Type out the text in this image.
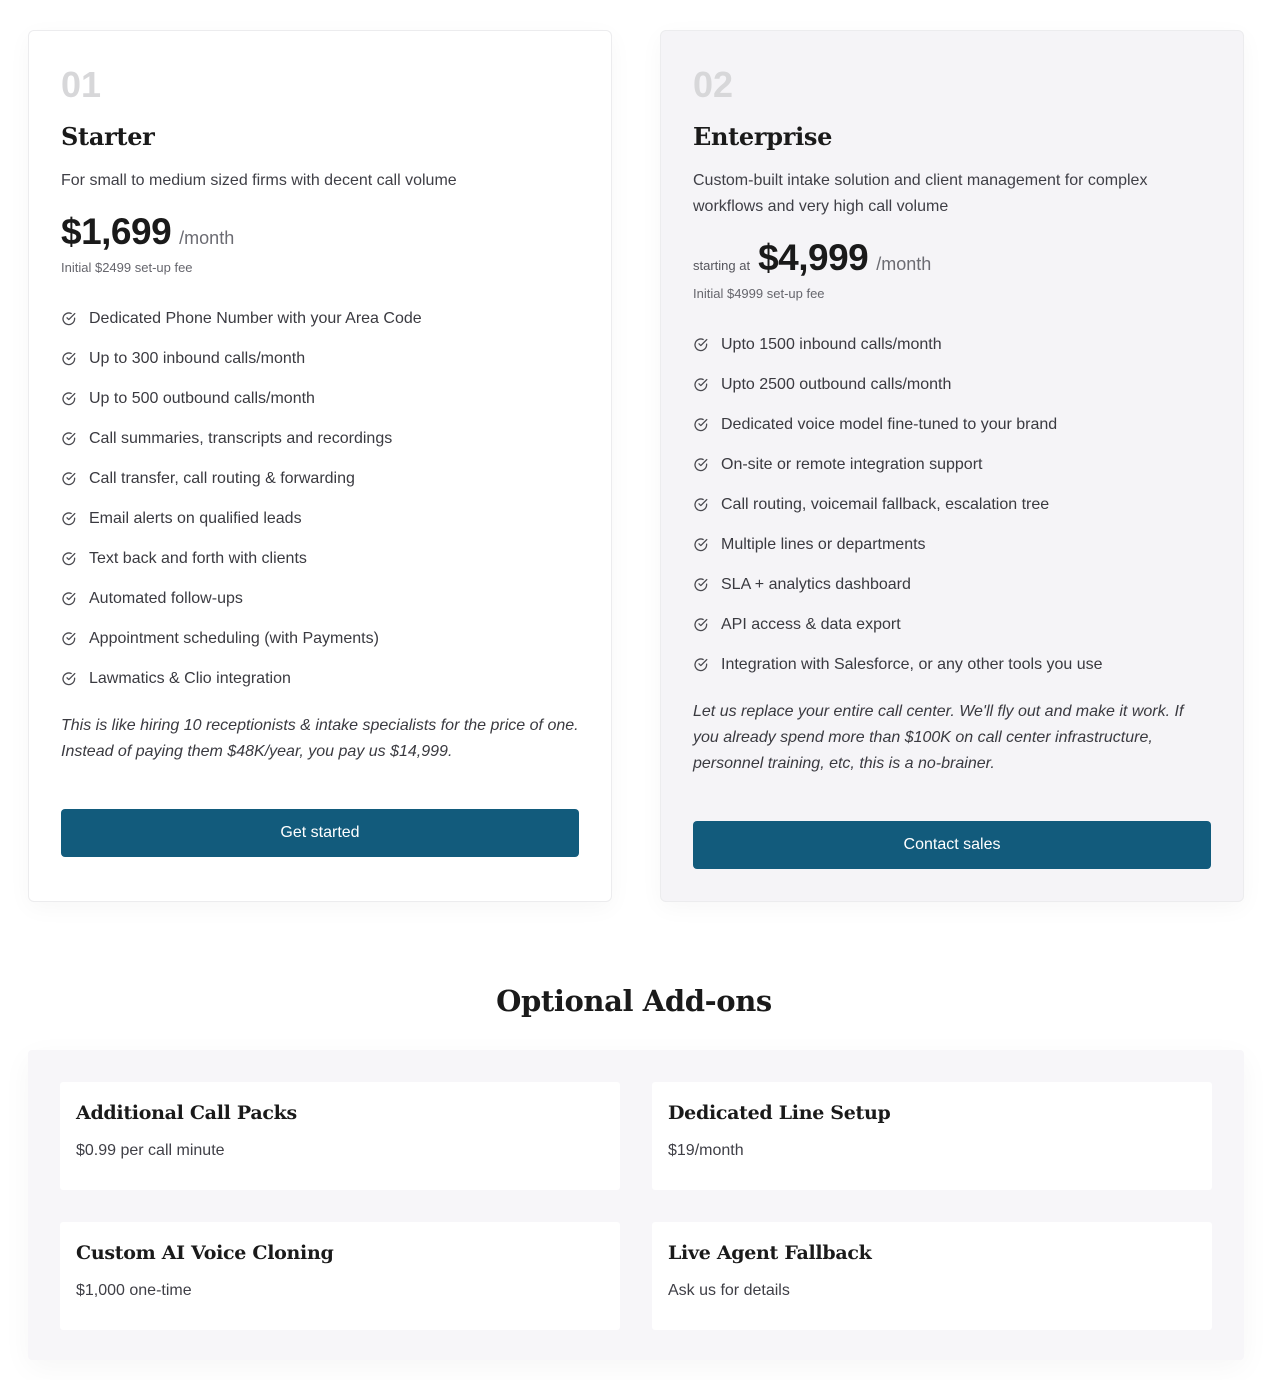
01
Starter
For small to medium sized firms with decent call volume
$1,699 /month
Initial $2499 set-up fee
Dedicated Phone Number with your Area Code
Up to 300 inbound calls/month
Up to 500 outbound calls/month
Call summaries, transcripts and recordings
Call transfer, call routing & forwarding
Email alerts on qualified leads
Text back and forth with clients
Automated follow-ups
Appointment scheduling (with Payments)
Lawmatics & Clio integration
This is like hiring 10 receptionists & intake specialists for the price of one. Instead of paying them $48K/year, you pay us $14,999.
Get started
02
Enterprise
Custom-built intake solution and client management for complex workflows and very high call volume
starting at $4,999 /month
Initial $4999 set-up fee
Upto 1500 inbound calls/month
Upto 2500 outbound calls/month
Dedicated voice model fine-tuned to your brand
On-site or remote integration support
Call routing, voicemail fallback, escalation tree
Multiple lines or departments
SLA + analytics dashboard
API access & data export
Integration with Salesforce, or any other tools you use
Let us replace your entire call center. We'll fly out and make it work. If you already spend more than $100K on call center infrastructure, personnel training, etc, this is a no-brainer.
Contact sales
Optional Add-ons
Additional Call Packs
$0.99 per call minute
Dedicated Line Setup
$19/month
Custom AI Voice Cloning
$1,000 one-time
Live Agent Fallback
Ask us for details
